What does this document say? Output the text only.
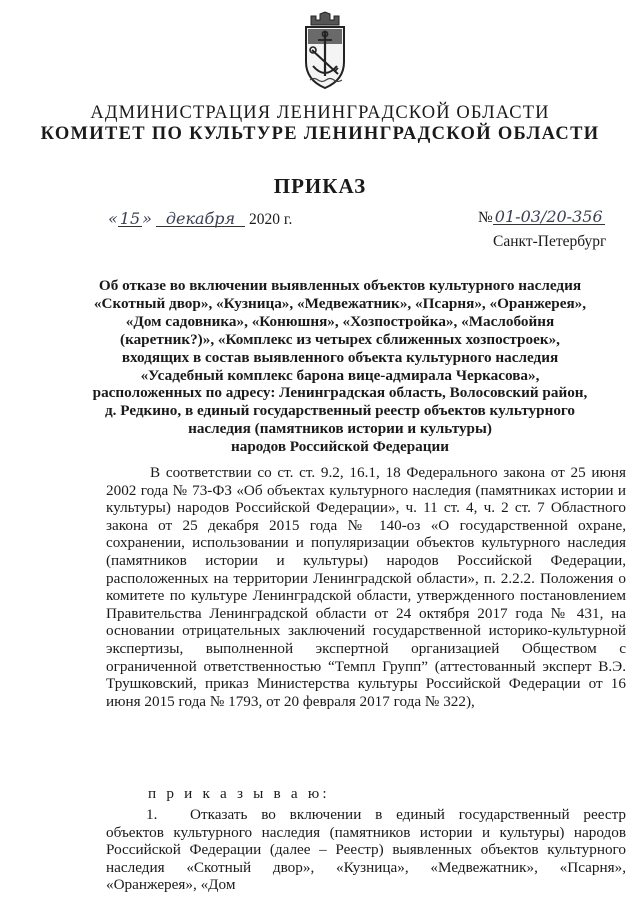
АДМИНИСТРАЦИЯ ЛЕНИНГРАДСКОЙ ОБЛАСТИ
КОМИТЕТ ПО КУЛЬТУРЕ ЛЕНИНГРАДСКОЙ ОБЛАСТИ
ПРИКАЗ
« 15 » декабря 2020 г.	№ 01-03/20-356
Санкт-Петербург
Об отказе во включении выявленных объектов культурного наследия
«Скотный двор», «Кузница», «Медвежатник», «Псарня», «Оранжерея»,
«Дом садовника», «Конюшня», «Хозпостройка», «Маслобойня
(каретник?)», «Комплекс из четырех сближенных хозпостроек»,
входящих в состав выявленного объекта культурного наследия
«Усадебный комплекс барона вице-адмирала Черкасова»,
расположенных по адресу: Ленинградская область, Волосовский район,
д. Редкино, в единый государственный реестр объектов культурного
наследия (памятников истории и культуры)
народов Российской Федерации

В соответствии со ст. ст. 9.2, 16.1, 18 Федерального закона от 25 июня 2002 года № 73-ФЗ «Об объектах культурного наследия (памятниках истории и культуры) народов Российской Федерации», ч. 11 ст. 4, ч. 2 ст. 7 Областного закона от 25 декабря 2015 года № 140-оз «О государственной охране, сохранении, использовании и популяризации объектов культурного наследия (памятников истории и культуры) народов Российской Федерации, расположенных на территории Ленинградской области», п. 2.2.2. Положения о комитете по культуре Ленинградской области, утвержденного постановлением Правительства Ленинградской области от 24 октября 2017 года № 431, на основании отрицательных заключений государственной историко-культурной экспертизы, выполненной экспертной организацией Обществом с ограниченной ответственностью “Темпл Групп” (аттестованный эксперт В.Э. Трушковский, приказ Министерства культуры Российской Федерации от 16 июня 2015 года № 1793, от 20 февраля 2017 года № 322),

п р и к а з ы в а ю:

1. Отказать во включении в единый государственный реестр объектов культурного наследия (памятников истории и культуры) народов Российской Федерации (далее – Реестр) выявленных объектов культурного наследия «Скотный двор», «Кузница», «Медвежатник», «Псарня», «Оранжерея», «Дом
